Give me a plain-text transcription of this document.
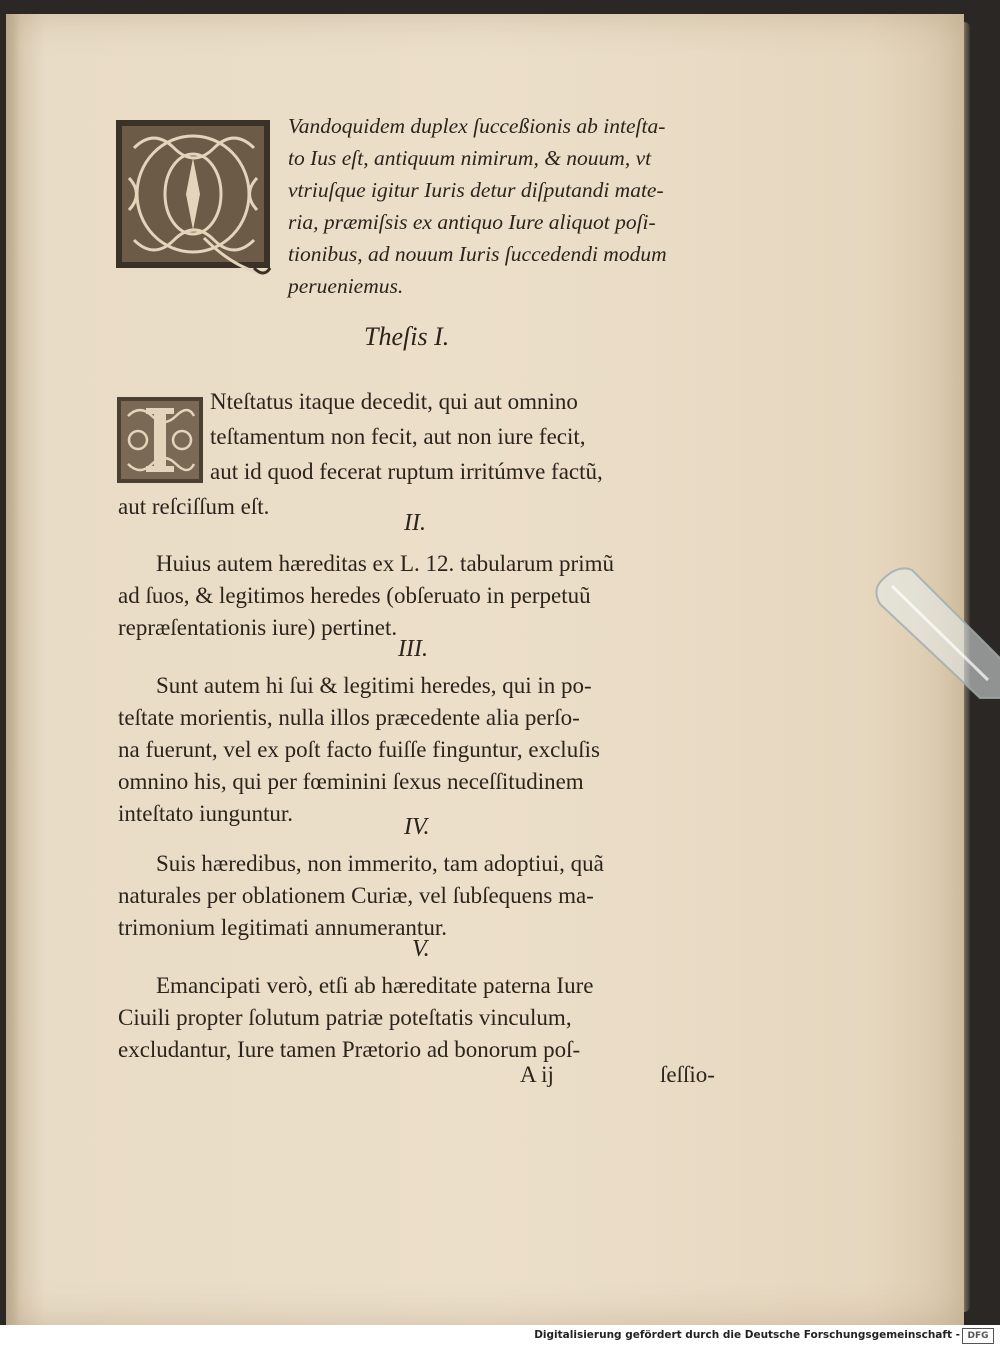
Vandoquidem duplex ſucceßionis ab inteſta-
to Ius eſt, antiquum nimirum, & nouum, vt
vtriuſque igitur Iuris detur diſputandi mate-
ria, præmiſsis ex antiquo Iure aliquot poſi-
tionibus, ad nouum Iuris ſuccedendi modum
perueniemus.
Theſis I.
Nteſtatus itaque decedit, qui aut omnino
teſtamentum non fecit, aut non iure fecit,
aut id quod fecerat ruptum irritúmve factũ,
aut reſciſſum eſt.
II.
Huius autem hæreditas ex L. 12. tabularum primũ
ad ſuos, & legitimos heredes (obſeruato in perpetuũ
repræſentationis iure) pertinet.
III.
Sunt autem hi ſui & legitimi heredes, qui in po-
teſtate morientis, nulla illos præcedente alia perſo-
na fuerunt, vel ex poſt facto fuiſſe finguntur, excluſis
omnino his, qui per fœminini ſexus neceſſitudinem
inteſtato iunguntur.
IV.
Suis hæredibus, non immerito, tam adoptiui, quã
naturales per oblationem Curiæ, vel ſubſequens ma-
trimonium legitimati annumerantur.
V.
Emancipati verò, etſi ab hæreditate paterna Iure
Ciuili propter ſolutum patriæ poteſtatis vinculum,
excludantur, Iure tamen Prætorio ad bonorum poſ-
A ij	ſeſſio-
Digitalisierung gefördert durch die Deutsche Forschungsgemeinschaft - DFG
